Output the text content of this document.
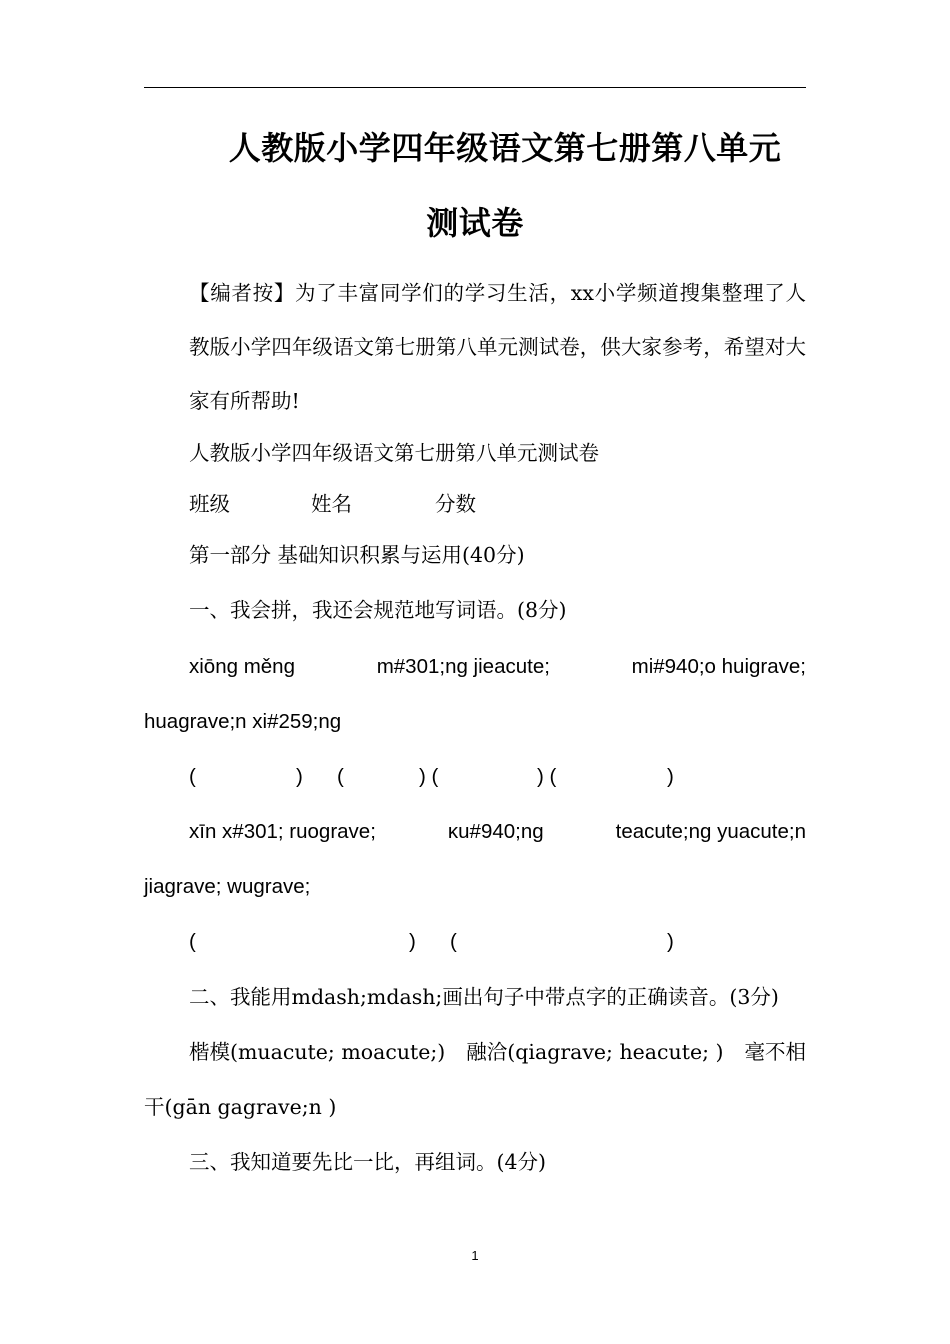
人教版小学四年级语文第七册第八单元
测试卷
【编者按】为了丰富同学们的学习生活，xx小学频道搜集整理了人教版小学四年级语文第七册第八单元测试卷，供大家参考，希望对大家有所帮助!
人教版小学四年级语文第七册第八单元测试卷
班级	姓名	分数
第一部分 基础知识积累与运用(40分)
一、我会拼，我还会规范地写词语。(8分)
xiōng měng	m#301;ng jieacute;	mi#940;o huigrave;
huagrave;n xi#259;ng
(	) (	) (	) (	)
xīn x#301; ruograve;	κu#940;ng	teacute;ng yuacute;n
jiagrave; wugrave;
(	) (	)
二、我能用mdash;mdash;画出句子中带点字的正确读音。(3分)
楷模(muacute; moacute;) 融洽(qiagrave; heacute; ) 毫不相
干(gān gagrave;n )
三、我知道要先比一比，再组词。(4分)
1
